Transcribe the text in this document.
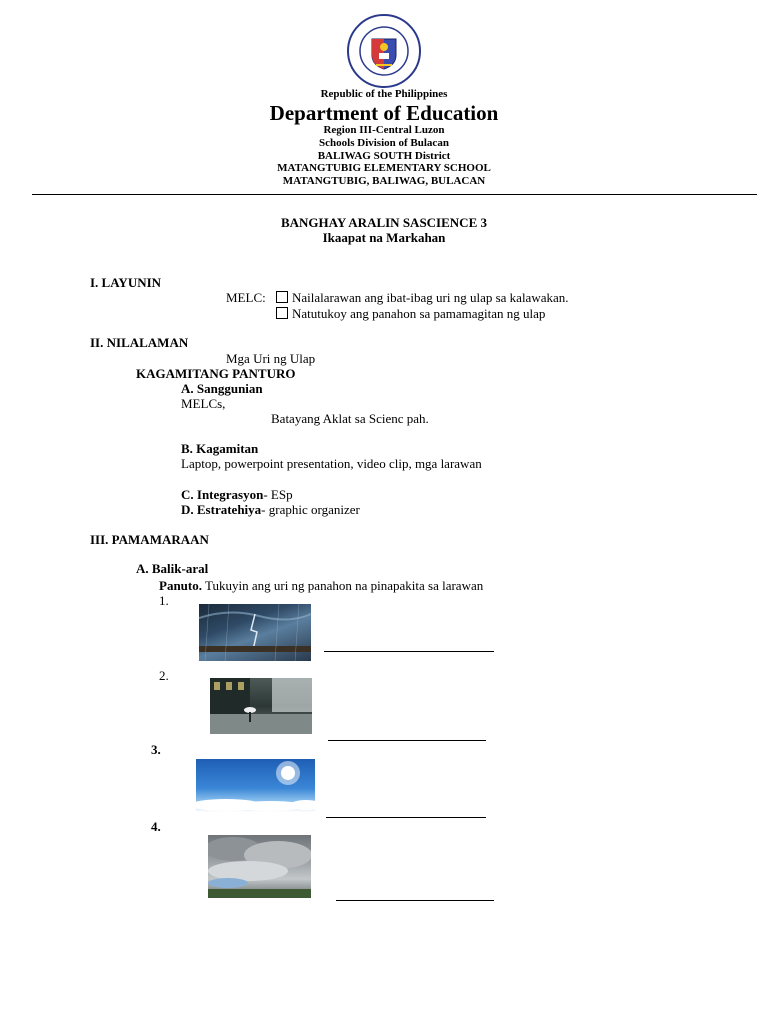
Republic of the Philippines
Department of Education
Region III-Central Luzon
Schools Division of Bulacan
BALIWAG SOUTH District
MATANGTUBIG ELEMENTARY SCHOOL
MATANGTUBIG, BALIWAG, BULACAN
BANGHAY ARALIN SASCIENCE 3
Ikaapat na Markahan
I. LAYUNIN
MELC:	Nailalarawan ang ibat-ibag uri ng ulap sa kalawakan.
Natutukoy ang panahon sa pamamagitan ng ulap
II. NILALAMAN
Mga Uri ng Ulap
KAGAMITANG PANTURO
A. Sanggunian
MELCs,
Batayang Aklat sa Scienc pah.
B. Kagamitan
Laptop, powerpoint presentation, video clip, mga larawan
C. Integrasyon- ESp
D. Estratehiya- graphic organizer
III. PAMAMARAAN
A. Balik-aral
Panuto. Tukuyin ang uri ng panahon na pinapakita sa larawan
1.
2.
3.
4.
